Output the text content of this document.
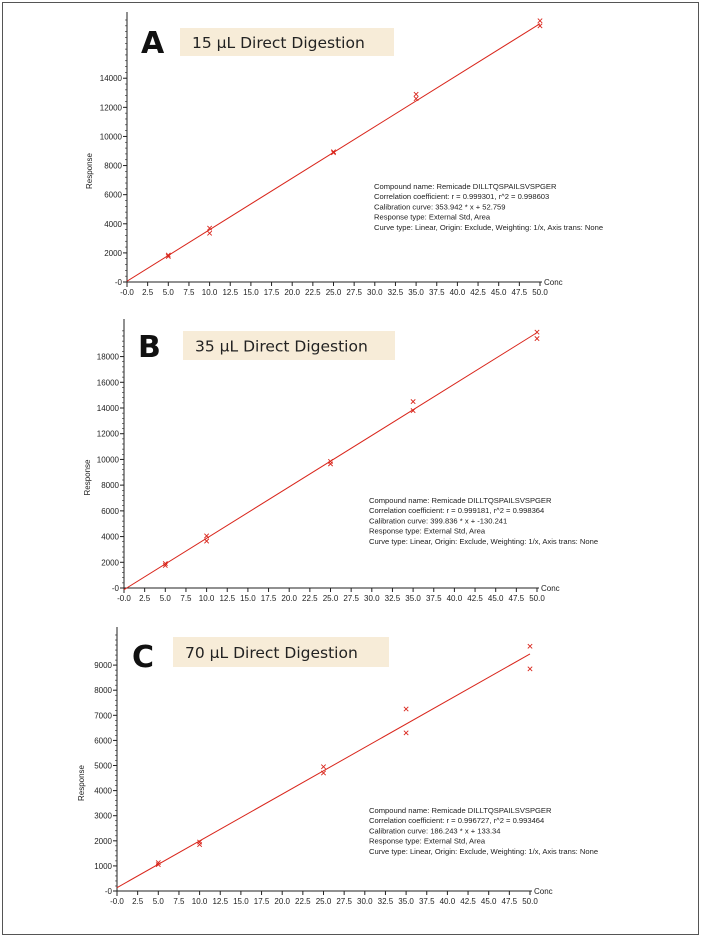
15 µL Direct Digestion
A
-0
2000
4000
6000
8000
10000
12000
14000
-0.0 2.5 5.0 7.5 10.0 12.5 15.0 17.5 20.0 22.5 25.0 27.5 30.0 32.5 35.0 37.5 40.0 42.5 45.0 47.5 50.0
Conc
Response	Compound name: Remicade DILLTQSPAILSVSPGER
Correlation coefficient: r = 0.999301, r^2 = 0.998603
Calibration curve: 353.942 * x + 52.759
Response type: External Std, Area
Curve type: Linear, Origin: Exclude, Weighting: 1/x, Axis trans: None
35 µL Direct Digestion
B
-0
2000
4000
6000
8000
10000
12000
14000
16000
18000
-0.0 2.5 5.0 7.5 10.0 12.5 15.0 17.5 20.0 22.5 25.0 27.5 30.0 32.5 35.0 37.5 40.0 42.5 45.0 47.5 50.0
Conc
Response
Compound name: Remicade DILLTQSPAILSVSPGER
Correlation coefficient: r = 0.999181, r^2 = 0.998364
Calibration curve: 399.836 * x + -130.241
Response type: External Std, Area
Curve type: Linear, Origin: Exclude, Weighting: 1/x, Axis trans: None
70 µL Direct Digestion
C
-0
1000
2000
3000
4000
5000
6000
7000
8000
9000
-0.0 2.5 5.0 7.5 10.0 12.5 15.0 17.5 20.0 22.5 25.0 27.5 30.0 32.5 35.0 37.5 40.0 42.5 45.0 47.5 50.0
Conc
Response
Compound name: Remicade DILLTQSPAILSVSPGER
Correlation coefficient: r = 0.996727, r^2 = 0.993464
Calibration curve: 186.243 * x + 133.34
Response type: External Std, Area
Curve type: Linear, Origin: Exclude, Weighting: 1/x, Axis trans: None
